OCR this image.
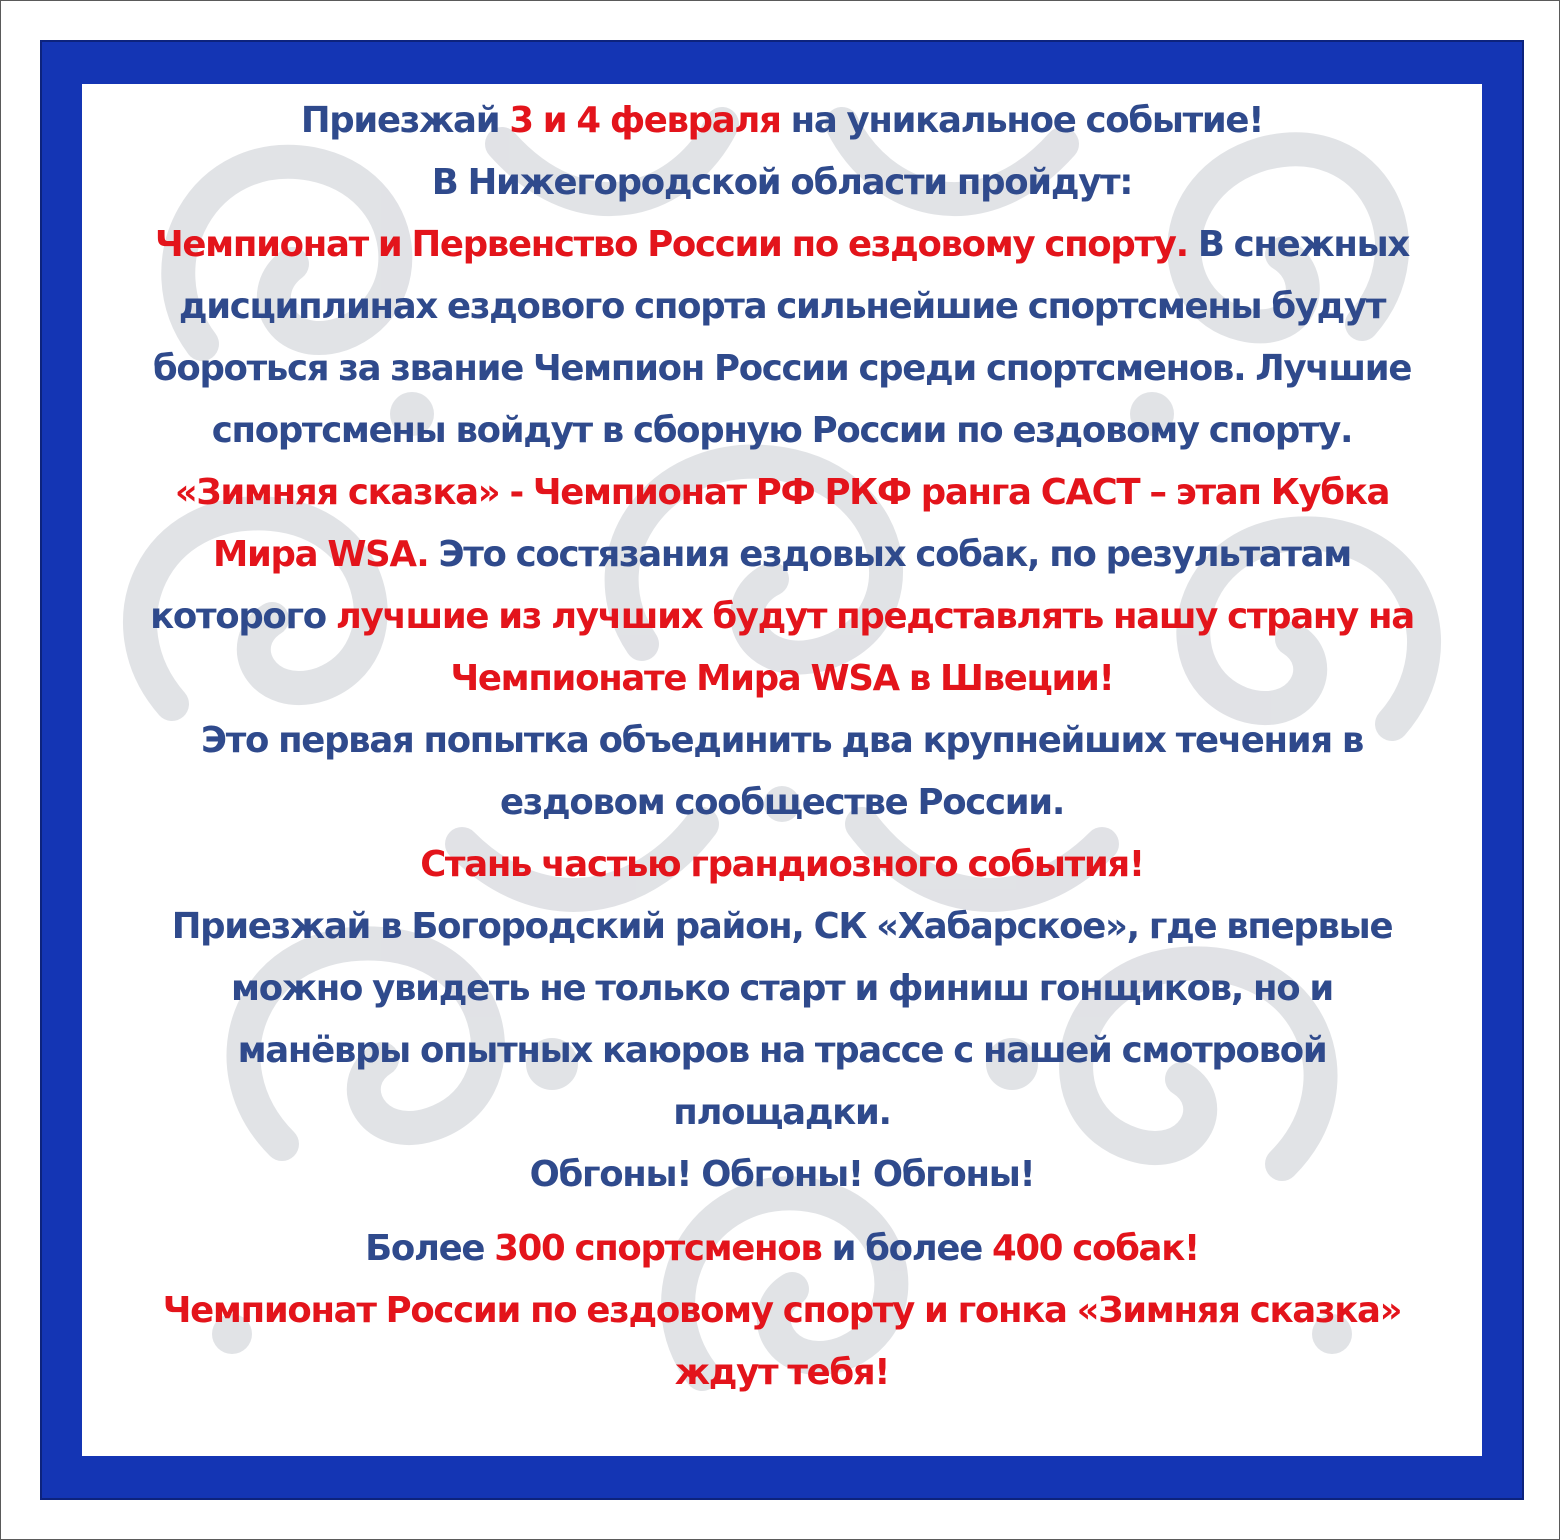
Приезжай 3 и 4 февраля на уникальное событие!
В Нижегородской области пройдут:
Чемпионат и Первенство России по ездовому спорту. В снежных
дисциплинах ездового спорта сильнейшие спортсмены будут
бороться за звание Чемпион России среди спортсменов. Лучшие
спортсмены войдут в сборную России по ездовому спорту.
«Зимняя сказка» - Чемпионат РФ РКФ ранга САСТ – этап Кубка
Мира WSA. Это состязания ездовых собак, по результатам
которого лучшие из лучших будут представлять нашу страну на
Чемпионате Мира WSA в Швеции!
Это первая попытка объединить два крупнейших течения в
ездовом сообществе России.
Стань частью грандиозного события!
Приезжай в Богородский район, СК «Хабарское», где впервые
можно увидеть не только старт и финиш гонщиков, но и
манёвры опытных каюров на трассе с нашей смотровой
площадки.
Обгоны! Обгоны! Обгоны!
Более 300 спортсменов и более 400 собак!
Чемпионат России по ездовому спорту и гонка «Зимняя сказка»
ждут тебя!
